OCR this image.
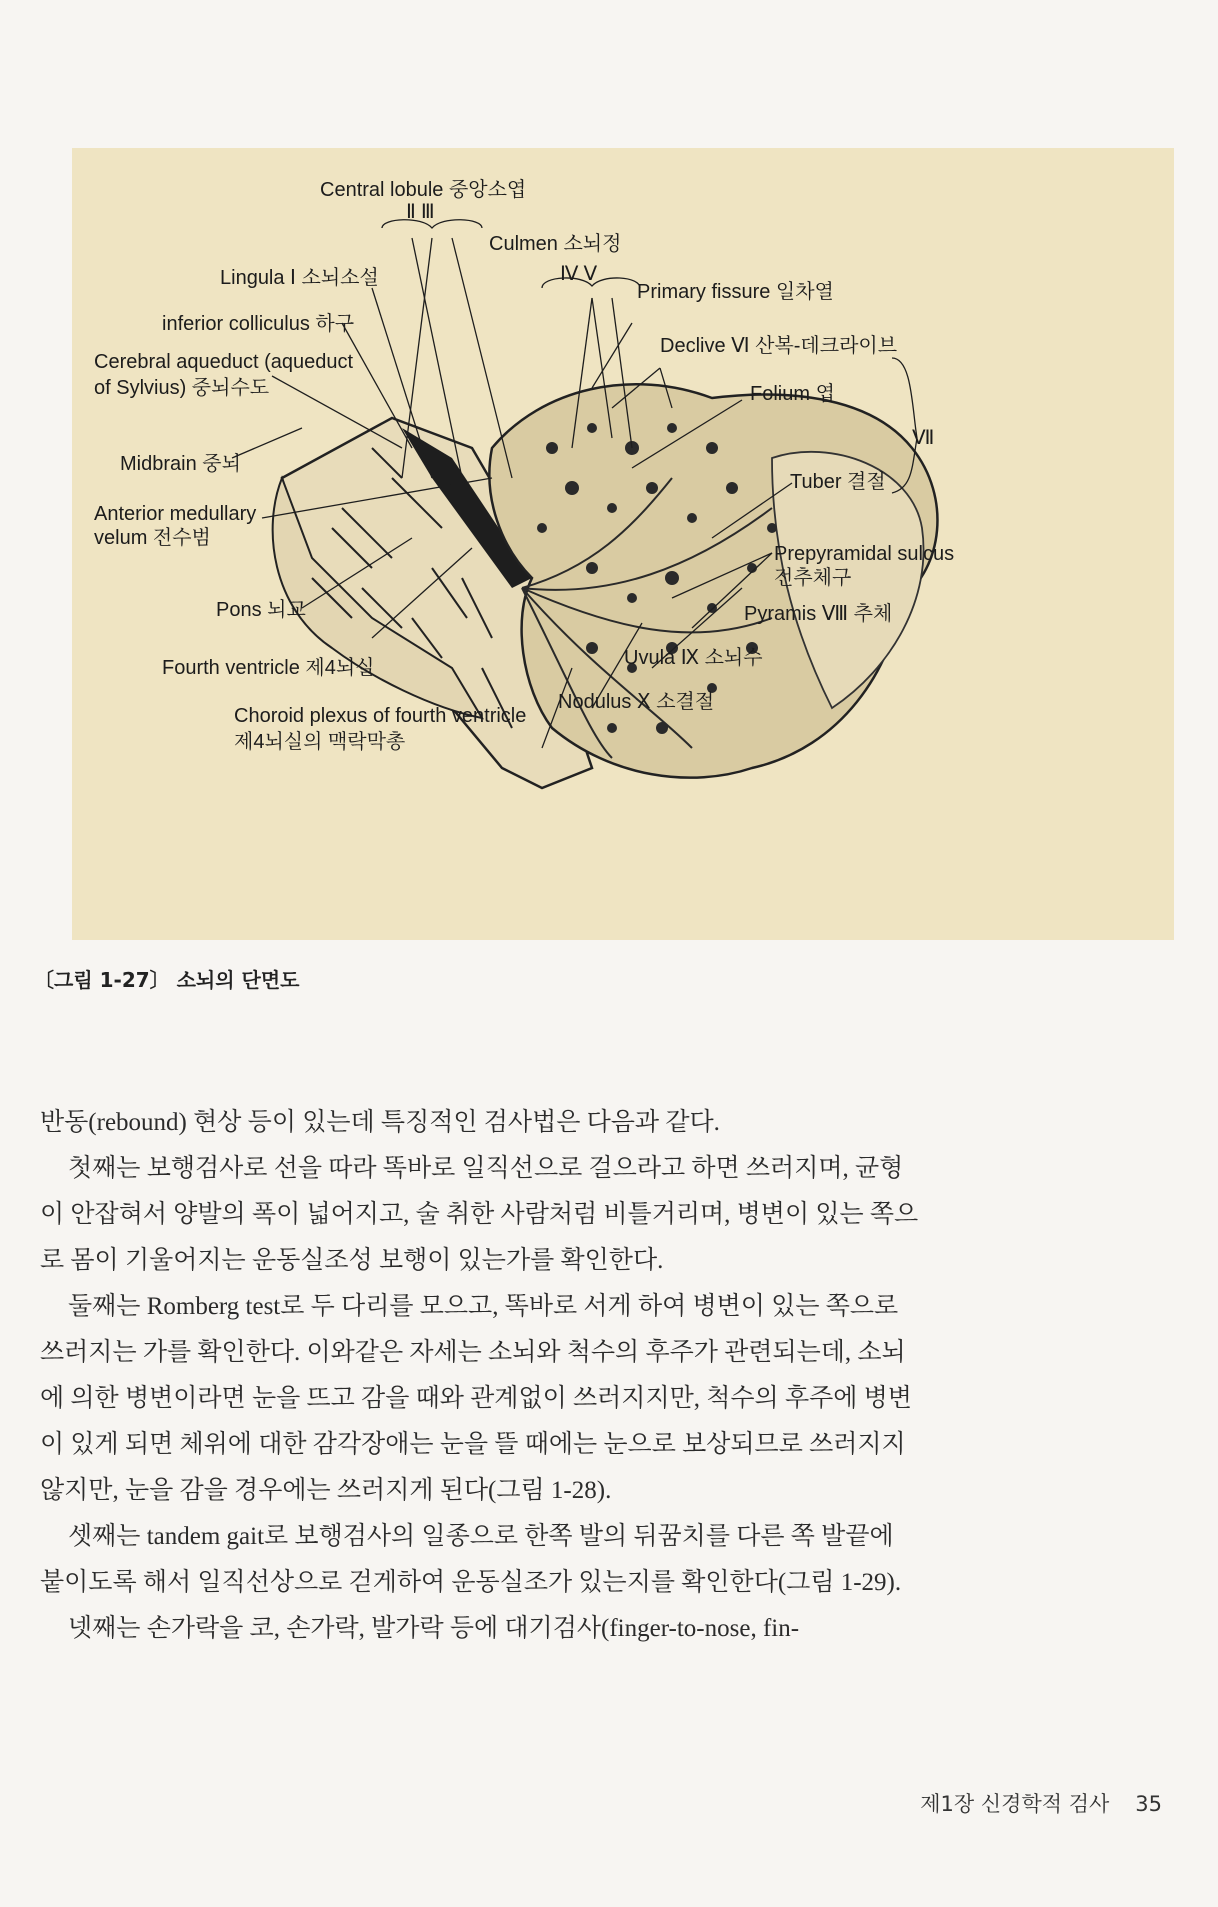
Central lobule 중앙소엽
Ⅱ Ⅲ
Culmen 소뇌정
Ⅳ Ⅴ
Lingula Ⅰ 소뇌소설
Primary fissure 일차열
inferior colliculus 하구
Declive Ⅵ 산복-데크라이브
Cerebral aqueduct (aqueduct
of Sylvius) 중뇌수도	Folium 엽
Ⅶ
Midbrain 중뇌
Tuber 결절
Anterior medullary
velum 전수범
Prepyramidal sulcus
전추체구
Pons 뇌교	Pyramis Ⅷ 추체
Uvula Ⅸ 소뇌수
Fourth ventricle 제4뇌실
Nodulus Ⅹ 소결절
Choroid plexus of fourth ventricle
제4뇌실의 맥락막총
〔그림 1-27〕 소뇌의 단면도

반동(rebound) 현상 등이 있는데 특징적인 검사법은 다음과 같다.

첫째는 보행검사로 선을 따라 똑바로 일직선으로 걸으라고 하면 쓰러지며, 균형이 안잡혀서 양발의 폭이 넓어지고, 술 취한 사람처럼 비틀거리며, 병변이 있는 쪽으로 몸이 기울어지는 운동실조성 보행이 있는가를 확인한다.

둘째는 Romberg test로 두 다리를 모으고, 똑바로 서게 하여 병변이 있는 쪽으로 쓰러지는 가를 확인한다. 이와같은 자세는 소뇌와 척수의 후주가 관련되는데, 소뇌에 의한 병변이라면 눈을 뜨고 감을 때와 관계없이 쓰러지지만, 척수의 후주에 병변이 있게 되면 체위에 대한 감각장애는 눈을 뜰 때에는 눈으로 보상되므로 쓰러지지 않지만, 눈을 감을 경우에는 쓰러지게 된다(그림 1-28).

셋째는 tandem gait로 보행검사의 일종으로 한쪽 발의 뒤꿈치를 다른 쪽 발끝에 붙이도록 해서 일직선상으로 걷게하여 운동실조가 있는지를 확인한다(그림 1-29).

넷째는 손가락을 코, 손가락, 발가락 등에 대기검사(finger-to-nose, fin-

제1장 신경학적 검사 35
